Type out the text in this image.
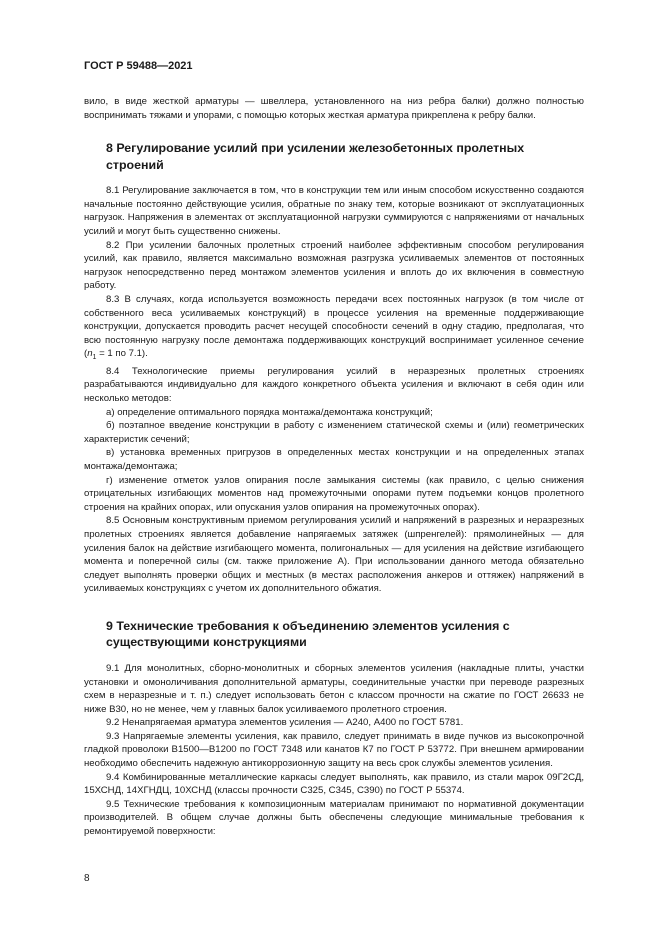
ГОСТ Р 59488—2021

вило, в виде жесткой арматуры — швеллера, установленного на низ ребра балки) должно полностью воспринимать тяжами и упорами, с помощью которых жесткая арматура прикреплена к ребру балки.

8 Регулирование усилий при усилении железобетонных пролетных строений

8.1 Регулирование заключается в том, что в конструкции тем или иным способом искусственно создаются начальные постоянно действующие усилия, обратные по знаку тем, которые возникают от эксплуатационных нагрузок. Напряжения в элементах от эксплуатационной нагрузки суммируются с напряжениями от начальных усилий и могут быть существенно снижены.

8.2 При усилении балочных пролетных строений наиболее эффективным способом регулирования усилий, как правило, является максимально возможная разгрузка усиливаемых элементов от постоянных нагрузок непосредственно перед монтажом элементов усиления и вплоть до их включения в совместную работу.

8.3 В случаях, когда используется возможность передачи всех постоянных нагрузок (в том числе от собственного веса усиливаемых конструкций) в процессе усиления на временные поддерживающие конструкции, допускается проводить расчет несущей способности сечений в одну стадию, предполагая, что всю постоянную нагрузку после демонтажа поддерживающих конструкций воспринимает усиленное сечение ($n_1 = 1$ по 7.1).

8.4 Технологические приемы регулирования усилий в неразрезных пролетных строениях разрабатываются индивидуально для каждого конкретного объекта усиления и включают в себя один или несколько методов:

а) определение оптимального порядка монтажа/демонтажа конструкций;

б) поэтапное введение конструкции в работу с изменением статической схемы и (или) геометрических характеристик сечений;

в) установка временных пригрузов в определенных местах конструкции и на определенных этапах монтажа/демонтажа;

г) изменение отметок узлов опирания после замыкания системы (как правило, с целью снижения отрицательных изгибающих моментов над промежуточными опорами путем подъемки концов пролетного строения на крайних опорах, или опускания узлов опирания на промежуточных опорах).

8.5 Основным конструктивным приемом регулирования усилий и напряжений в разрезных и неразрезных пролетных строениях является добавление напрягаемых затяжек (шпренгелей): прямолинейных — для усиления балок на действие изгибающего момента, полигональных — для усиления на действие изгибающего момента и поперечной силы (см. также приложение А). При использовании данного метода обязательно следует выполнять проверки общих и местных (в местах расположения анкеров и оттяжек) напряжений в усиливаемых конструкциях с учетом их дополнительного обжатия.

9 Технические требования к объединению элементов усиления с существующими конструкциями

9.1 Для монолитных, сборно-монолитных и сборных элементов усиления (накладные плиты, участки установки и омоноличивания дополнительной арматуры, соединительные участки при переводе разрезных схем в неразрезные и т. п.) следует использовать бетон с классом прочности на сжатие по ГОСТ 26633 не ниже В30, но не менее, чем у главных балок усиливаемого пролетного строения.

9.2 Ненапрягаемая арматура элементов усиления — А240, А400 по ГОСТ 5781.

9.3 Напрягаемые элементы усиления, как правило, следует принимать в виде пучков из высокопрочной гладкой проволоки В1500—В1200 по ГОСТ 7348 или канатов К7 по ГОСТ Р 53772. При внешнем армировании необходимо обеспечить надежную антикоррозионную защиту на весь срок службы элементов усиления.

9.4 Комбинированные металлические каркасы следует выполнять, как правило, из стали марок 09Г2СД, 15ХСНД, 14ХГНДЦ, 10ХСНД (классы прочности С325, С345, С390) по ГОСТ Р 55374.

9.5 Технические требования к композиционным материалам принимают по нормативной документации производителей. В общем случае должны быть обеспечены следующие минимальные требования к ремонтируемой поверхности:

8
